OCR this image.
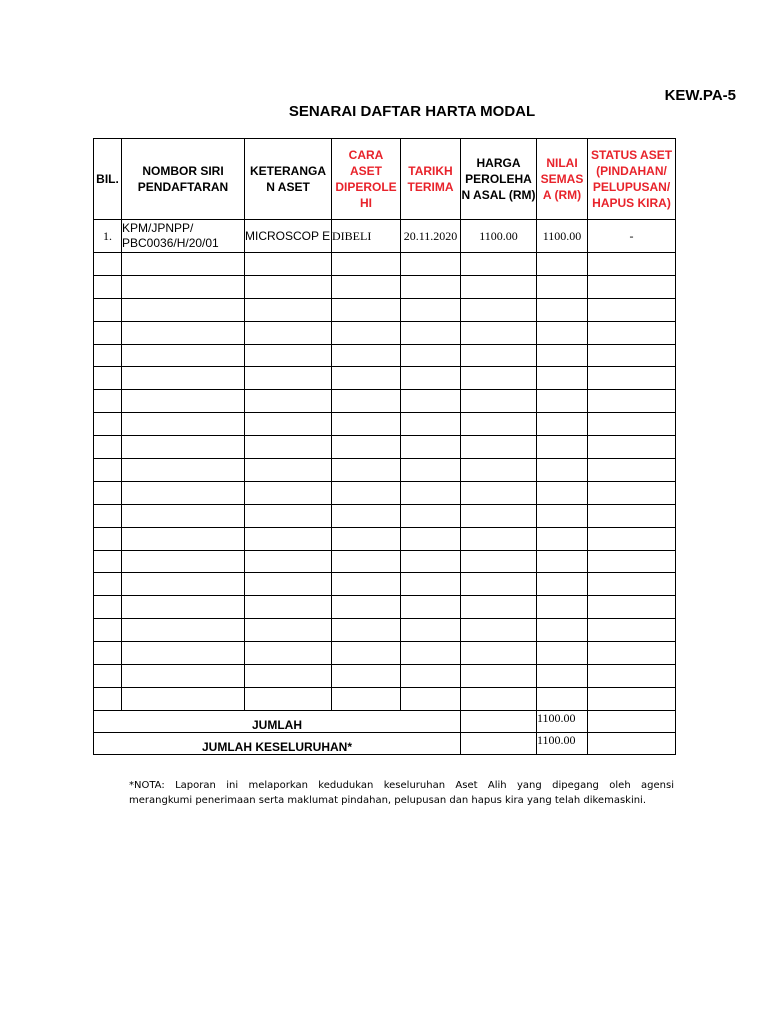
KEW.PA-5
SENARAI DAFTAR HARTA MODAL
BIL.	NOMBOR SIRI PENDAFTARAN	KETERANGA N ASET	CARA ASET DIPEROLE HI	TARIKH TERIMA	HARGA PEROLEHA N ASAL (RM)	NILAI SEMAS A (RM)	STATUS ASET (PINDAHAN/ PELUPUSAN/ HAPUS KIRA)
1.	KPM/JPNPP/ PBC0036/H/20/01	MICROSCOP E	DIBELI	20.11.2020	1100.00	1100.00	-

JUMLAH						1100.00	
JUMLAH KESELURUHAN*						1100.00	

*NOTA: Laporan ini melaporkan kedudukan keseluruhan Aset Alih yang dipegang oleh agensi

merangkumi penerimaan serta maklumat pindahan, pelupusan dan hapus kira yang telah dikemaskini.
